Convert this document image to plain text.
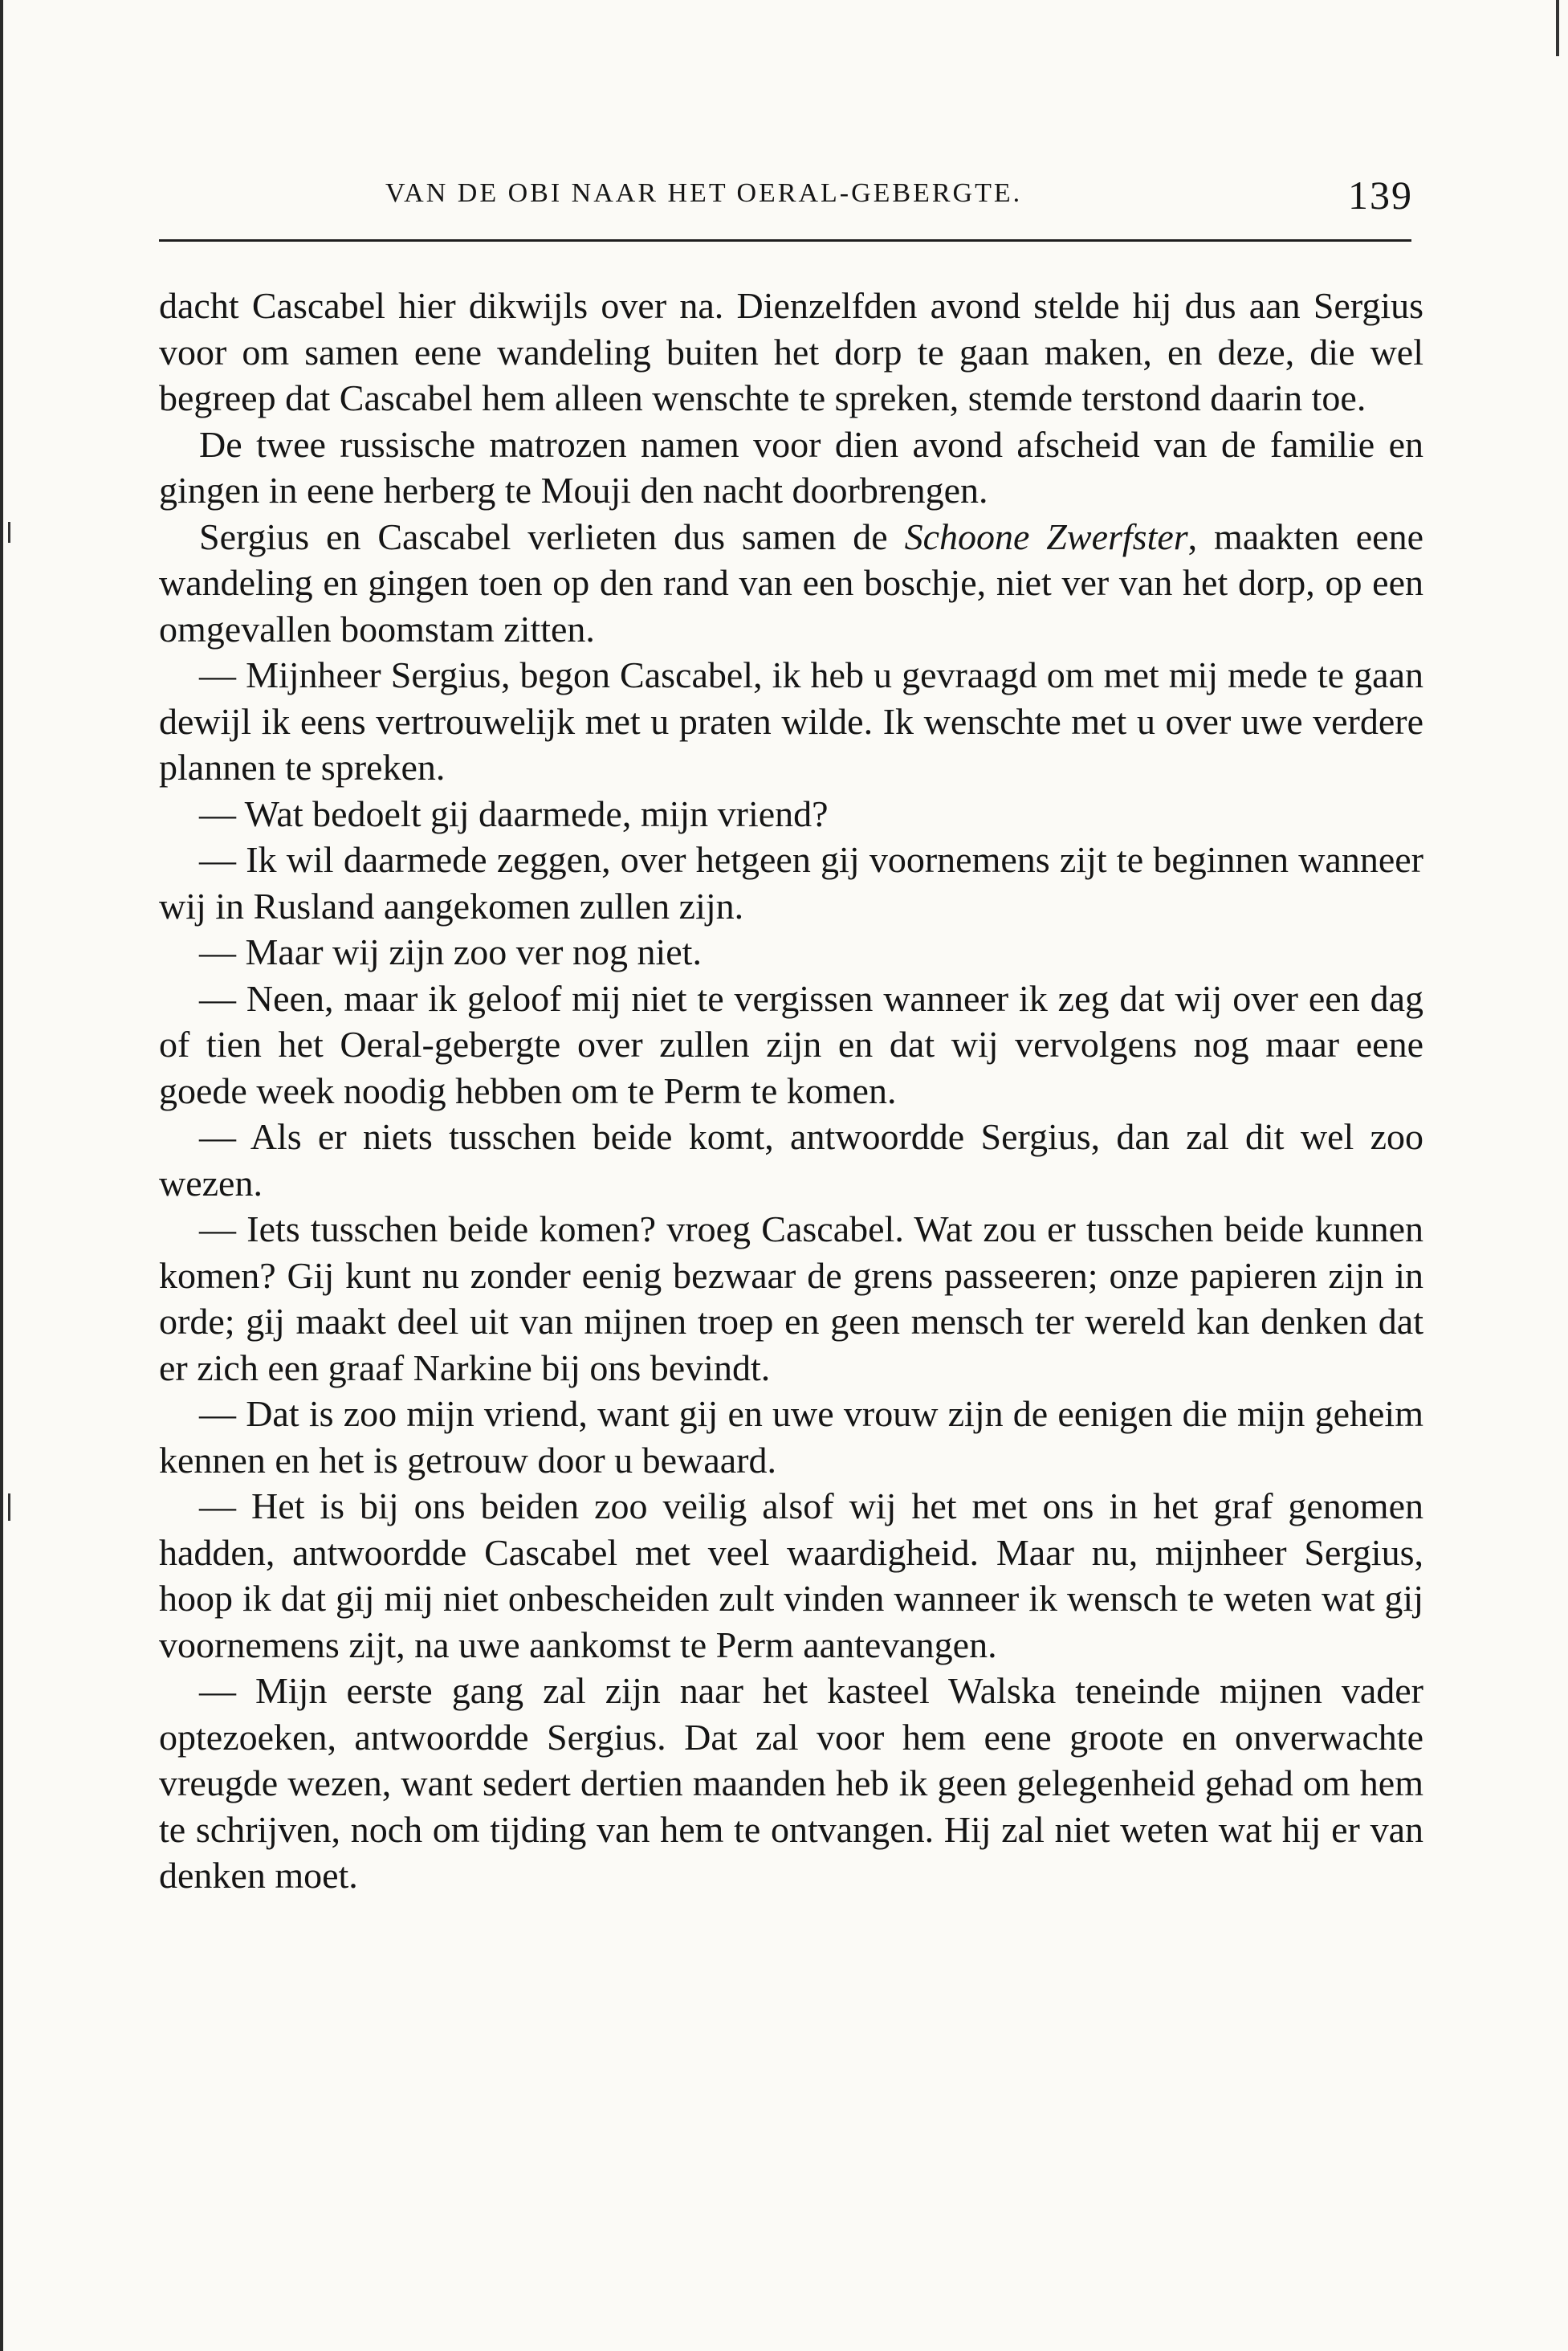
VAN DE OBI NAAR HET OERAL-GEBERGTE.	139

dacht Cascabel hier dikwijls over na. Dienzelfden avond stelde hij dus aan Sergius voor om samen eene wandeling buiten het dorp te gaan maken, en deze, die wel begreep dat Cascabel hem alleen wenschte te spreken, stemde terstond daarin toe.

De twee russische matrozen namen voor dien avond afscheid van de familie en gingen in eene herberg te Mouji den nacht doorbrengen.

Sergius en Cascabel verlieten dus samen de Schoone Zwerfster, maakten eene wandeling en gingen toen op den rand van een boschje, niet ver van het dorp, op een omgevallen boomstam zitten.

— Mijnheer Sergius, begon Cascabel, ik heb u gevraagd om met mij mede te gaan dewijl ik eens vertrouwelijk met u praten wilde. Ik wenschte met u over uwe verdere plannen te spreken.

— Wat bedoelt gij daarmede, mijn vriend?

— Ik wil daarmede zeggen, over hetgeen gij voornemens zijt te beginnen wanneer wij in Rusland aangekomen zullen zijn.

— Maar wij zijn zoo ver nog niet.

— Neen, maar ik geloof mij niet te vergissen wanneer ik zeg dat wij over een dag of tien het Oeral-gebergte over zullen zijn en dat wij vervolgens nog maar eene goede week noodig hebben om te Perm te komen.

— Als er niets tusschen beide komt, antwoordde Sergius, dan zal dit wel zoo wezen.

— Iets tusschen beide komen? vroeg Cascabel. Wat zou er tusschen beide kunnen komen? Gij kunt nu zonder eenig bezwaar de grens passeeren; onze papieren zijn in orde; gij maakt deel uit van mijnen troep en geen mensch ter wereld kan denken dat er zich een graaf Narkine bij ons bevindt.

— Dat is zoo mijn vriend, want gij en uwe vrouw zijn de eenigen die mijn geheim kennen en het is getrouw door u bewaard.

— Het is bij ons beiden zoo veilig alsof wij het met ons in het graf genomen hadden, antwoordde Cascabel met veel waardigheid. Maar nu, mijnheer Sergius, hoop ik dat gij mij niet onbescheiden zult vinden wanneer ik wensch te weten wat gij voornemens zijt, na uwe aankomst te Perm aantevangen.

— Mijn eerste gang zal zijn naar het kasteel Walska teneinde mijnen vader optezoeken, antwoordde Sergius. Dat zal voor hem eene groote en onverwachte vreugde wezen, want sedert dertien maanden heb ik geen gelegenheid gehad om hem te schrijven, noch om tijding van hem te ontvangen. Hij zal niet weten wat hij er van denken moet.
